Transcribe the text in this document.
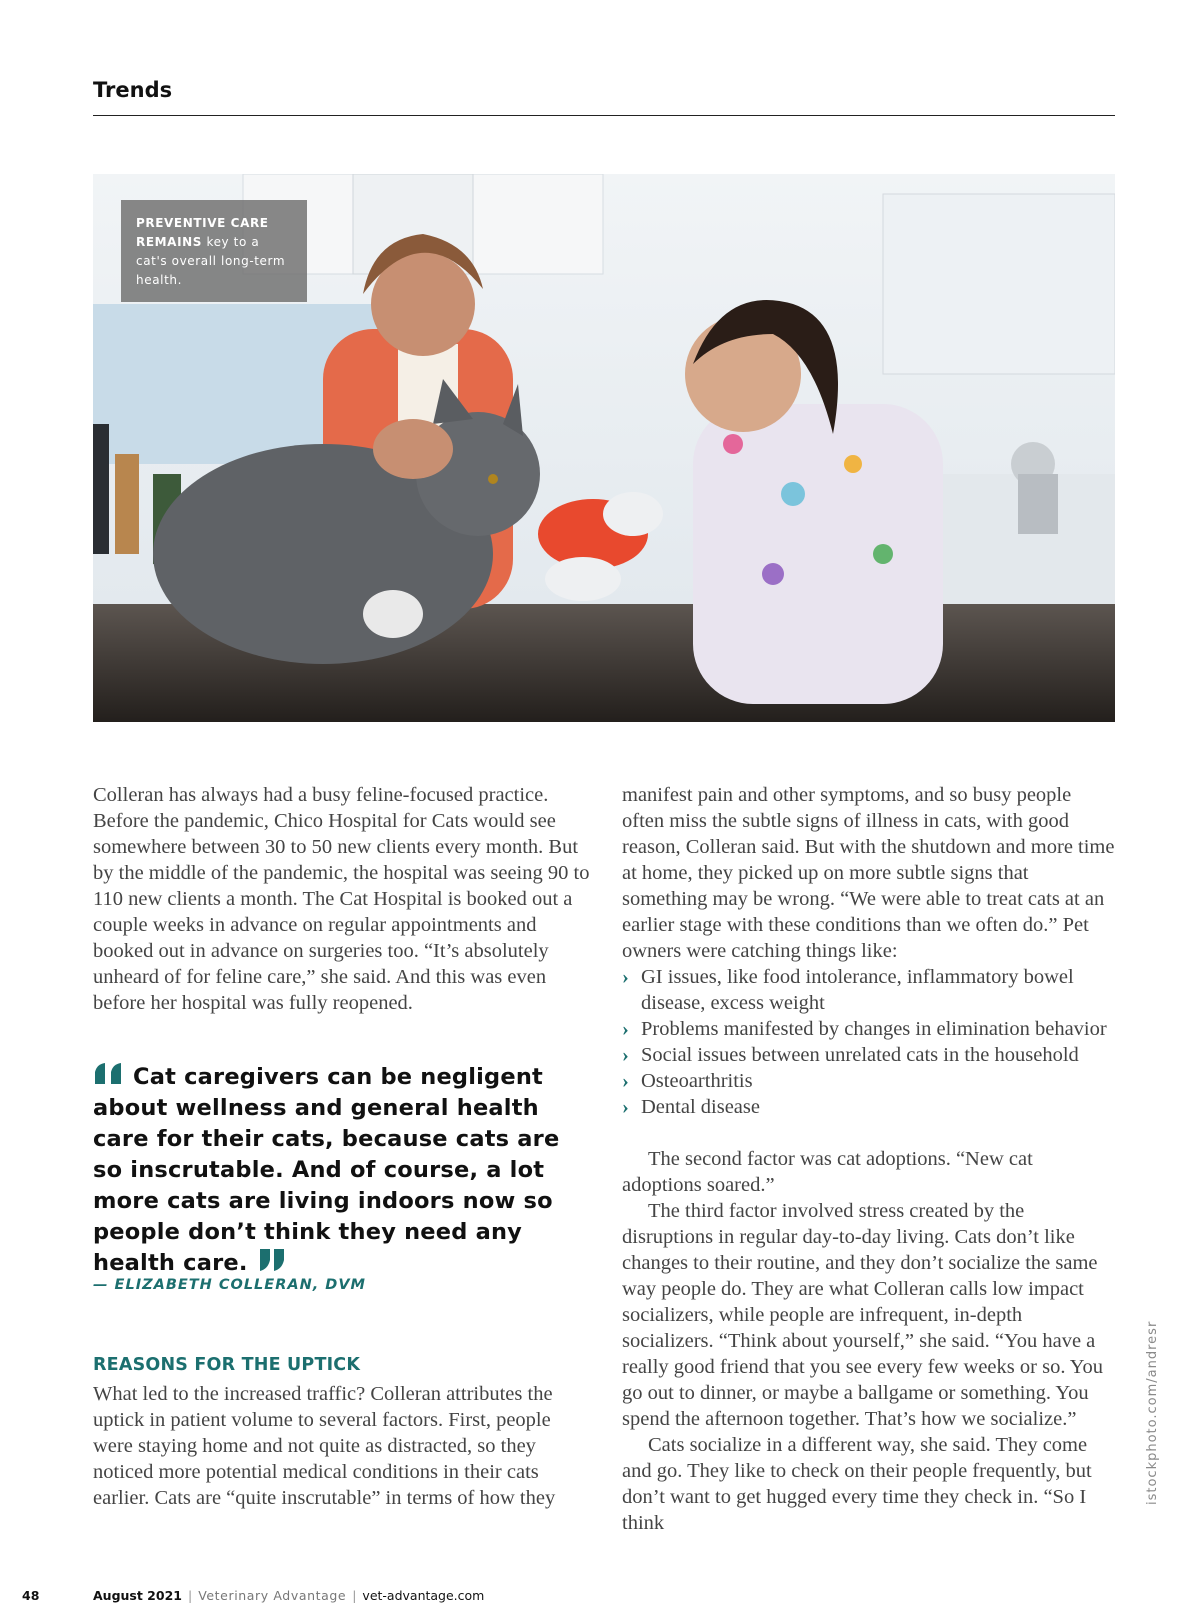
Trends
PREVENTIVE CARE REMAINS key to a cat's overall long-term health.

Colleran has always had a busy feline-focused practice. Before the pandemic, Chico Hospital for Cats would see somewhere between 30 to 50 new clients every month. But by the middle of the pandemic, the hospital was seeing 90 to 110 new clients a month. The Cat Hospital is booked out a couple weeks in advance on regular appointments and booked out in advance on surgeries too. “It’s absolutely unheard of for feline care,” she said. And this was even before her hospital was fully reopened.

Cat caregivers can be negligent about wellness and general health care for their cats, because cats are so inscrutable. And of course, a lot more cats are living indoors now so people don’t think they need any health care.
— ELIZABETH COLLERAN, DVM
REASONS FOR THE UPTICK

What led to the increased traffic? Colleran attributes the uptick in patient volume to several factors. First, people were staying home and not quite as distracted, so they noticed more potential medical conditions in their cats earlier. Cats are “quite inscrutable” in terms of how they

manifest pain and other symptoms, and so busy people often miss the subtle signs of illness in cats, with good reason, Colleran said. But with the shutdown and more time at home, they picked up on more subtle signs that something may be wrong. “We were able to treat cats at an earlier stage with these conditions than we often do.” Pet owners were catching things like:

› GI issues, like food intolerance, inflammatory bowel disease, excess weight
› Problems manifested by changes in elimination behavior
› Social issues between unrelated cats in the household
› Osteoarthritis
› Dental disease

The second factor was cat adoptions. “New cat adoptions soared.”

The third factor involved stress created by the disruptions in regular day-to-day living. Cats don’t like changes to their routine, and they don’t socialize the same way people do. They are what Colleran calls low impact socializers, while people are infrequent, in-depth socializers. “Think about yourself,” she said. “You have a really good friend that you see every few weeks or so. You go out to dinner, or maybe a ballgame or something. You spend the afternoon together. That’s how we socialize.”

Cats socialize in a different way, she said. They come and go. They like to check on their people frequently, but don’t want to get hugged every time they check in. “So I think

istockphoto.com/andresr
48	August 2021 | Veterinary Advantage | vet-advantage.com
